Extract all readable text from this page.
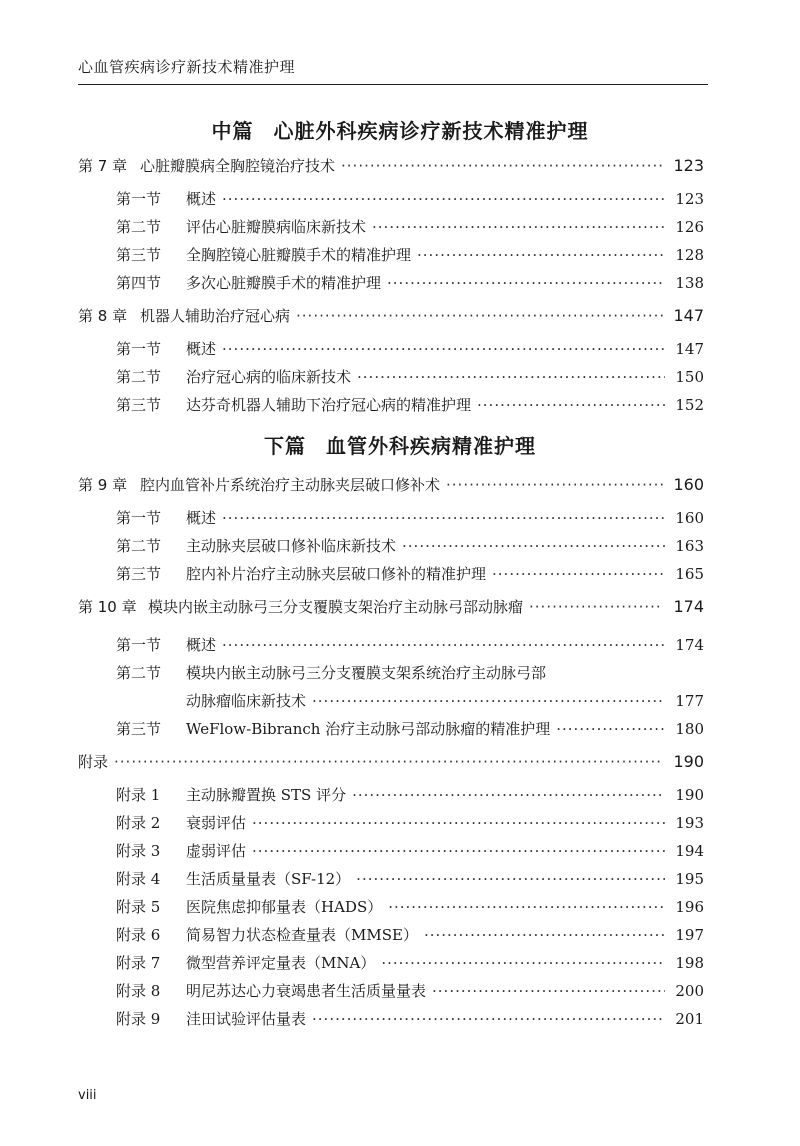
心血管疾病诊疗新技术精准护理
中篇 心脏外科疾病诊疗新技术精准护理
第 7 章 心脏瓣膜病全胸腔镜治疗技术 ·····	123
第一节	概述 ·····	123
第二节	评估心脏瓣膜病临床新技术 ·····	126
第三节	全胸腔镜心脏瓣膜手术的精准护理 ·····	128
第四节	多次心脏瓣膜手术的精准护理 ·····	138
第 8 章 机器人辅助治疗冠心病 ·····	147
第一节	概述 ·····	147
第二节	治疗冠心病的临床新技术 ·····	150
第三节	达芬奇机器人辅助下治疗冠心病的精准护理 ·····	152
下篇 血管外科疾病精准护理
第 9 章 腔内血管补片系统治疗主动脉夹层破口修补术 ·····	160
第一节	概述 ·····	160
第二节	主动脉夹层破口修补临床新技术 ·····	163
第三节	腔内补片治疗主动脉夹层破口修补的精准护理 ·····	165
第 10 章 模块内嵌主动脉弓三分支覆膜支架治疗主动脉弓部动脉瘤 ·····	174
第一节	概述 ·····	174
第二节	模块内嵌主动脉弓三分支覆膜支架系统治疗主动脉弓部
动脉瘤临床新技术 ·····	177
第三节	WeFlow-Bibranch 治疗主动脉弓部动脉瘤的精准护理 ·····	180
附录 ·····	190
附录 1	主动脉瓣置换 STS 评分 ·····	190
附录 2	衰弱评估 ·····	193
附录 3	虚弱评估 ·····	194
附录 4	生活质量量表（SF-12） ·····	195
附录 5	医院焦虑抑郁量表（HADS） ·····	196
附录 6	简易智力状态检查量表（MMSE） ·····	197
附录 7	微型营养评定量表（MNA） ·····	198
附录 8	明尼苏达心力衰竭患者生活质量量表 ·····	200
附录 9	洼田试验评估量表 ·····	201
viii
